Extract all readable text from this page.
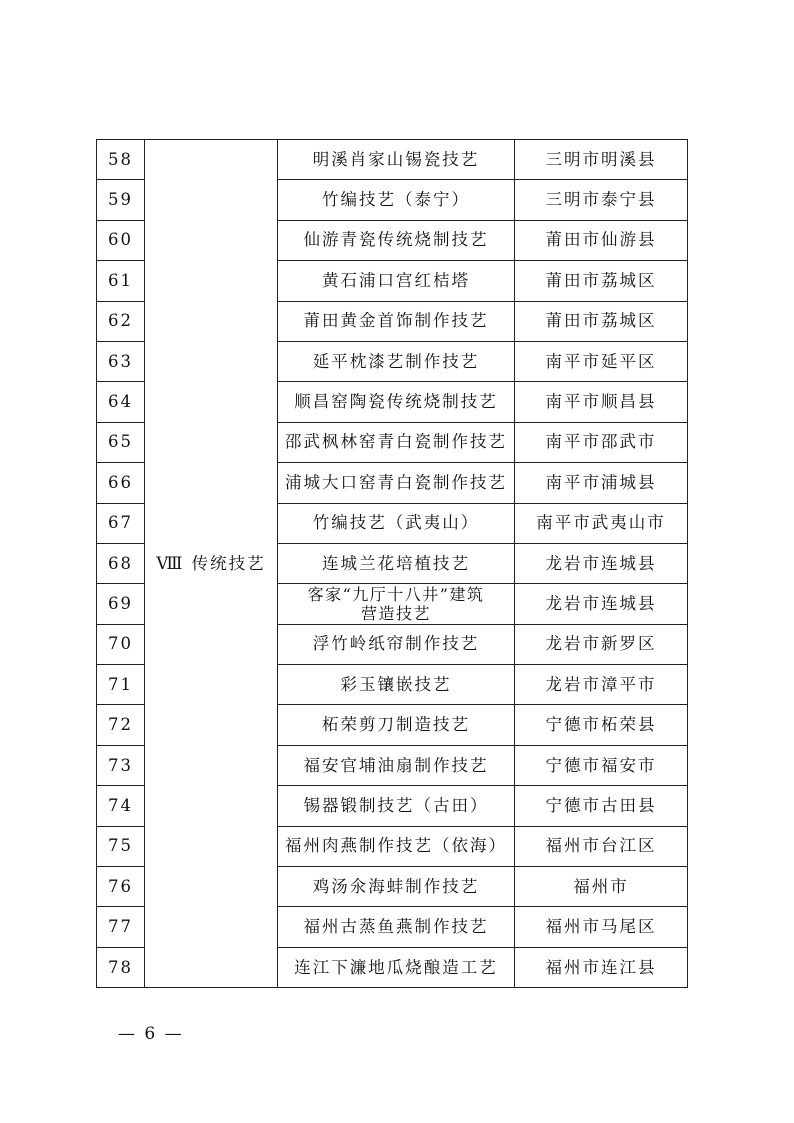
58	Ⅷ 传统技艺	明溪肖家山锡瓷技艺	三明市明溪县
59		竹编技艺（泰宁）	三明市泰宁县
60		仙游青瓷传统烧制技艺	莆田市仙游县
61		黄石浦口宫红桔塔	莆田市荔城区
62		莆田黄金首饰制作技艺	莆田市荔城区
63		延平枕漆艺制作技艺	南平市延平区
64		顺昌窑陶瓷传统烧制技艺	南平市顺昌县
65		邵武枫林窑青白瓷制作技艺	南平市邵武市
66		浦城大口窑青白瓷制作技艺	南平市浦城县
67		竹编技艺（武夷山）	南平市武夷山市
68		连城兰花培植技艺	龙岩市连城县
69		客家“九厅十八井”建筑
营造技艺	龙岩市连城县
70		浮竹岭纸帘制作技艺	龙岩市新罗区
71		彩玉镶嵌技艺	龙岩市漳平市
72		柘荣剪刀制造技艺	宁德市柘荣县
73		福安官埔油扇制作技艺	宁德市福安市
74		锡器锻制技艺（古田）	宁德市古田县
75		福州肉燕制作技艺（依海）	福州市台江区
76		鸡汤氽海蚌制作技艺	福州市
77		福州古蒸鱼燕制作技艺	福州市马尾区
78		连江下濂地瓜烧酿造工艺	福州市连江县
— 6 —
